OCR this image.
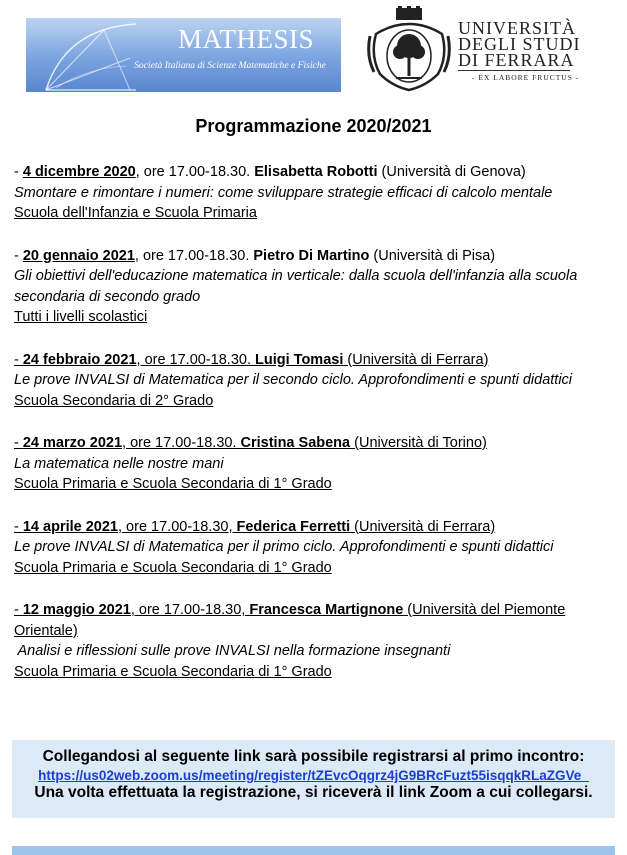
MATHESIS
Società Italiana di Scienze Matematiche e Fisiche
UNIVERSITÀ
DEGLI STUDI
DI FERRARA
- EX LABORE FRUCTUS -
Programmazione 2020/2021
- 4 dicembre 2020, ore 17.00-18.30. Elisabetta Robotti (Università di Genova)
Smontare e rimontare i numeri: come sviluppare strategie efficaci di calcolo mentale
Scuola dell'Infanzia e Scuola Primaria
- 20 gennaio 2021, ore 17.00-18.30. Pietro Di Martino (Università di Pisa)
Gli obiettivi dell'educazione matematica in verticale: dalla scuola dell'infanzia alla scuola secondaria di secondo grado
Tutti i livelli scolastici
- 24 febbraio 2021, ore 17.00-18.30. Luigi Tomasi (Università di Ferrara)
Le prove INVALSI di Matematica per il secondo ciclo. Approfondimenti e spunti didattici
Scuola Secondaria di 2° Grado
- 24 marzo 2021, ore 17.00-18.30. Cristina Sabena (Università di Torino)
La matematica nelle nostre mani
Scuola Primaria e Scuola Secondaria di 1° Grado
- 14 aprile 2021, ore 17.00-18.30, Federica Ferretti (Università di Ferrara)
Le prove INVALSI di Matematica per il primo ciclo. Approfondimenti e spunti didattici
Scuola Primaria e Scuola Secondaria di 1° Grado
- 12 maggio 2021, ore 17.00-18.30, Francesca Martignone (Università del Piemonte Orientale)
Analisi e riflessioni sulle prove INVALSI nella formazione insegnanti
Scuola Primaria e Scuola Secondaria di 1° Grado
Collegandosi al seguente link sarà possibile registrarsi al primo incontro:
https://us02web.zoom.us/meeting/register/tZEvcOqgrz4jG9BRcFuzt55isqqkRLaZGVe_
Una volta effettuata la registrazione, si riceverà il link Zoom a cui collegarsi.
